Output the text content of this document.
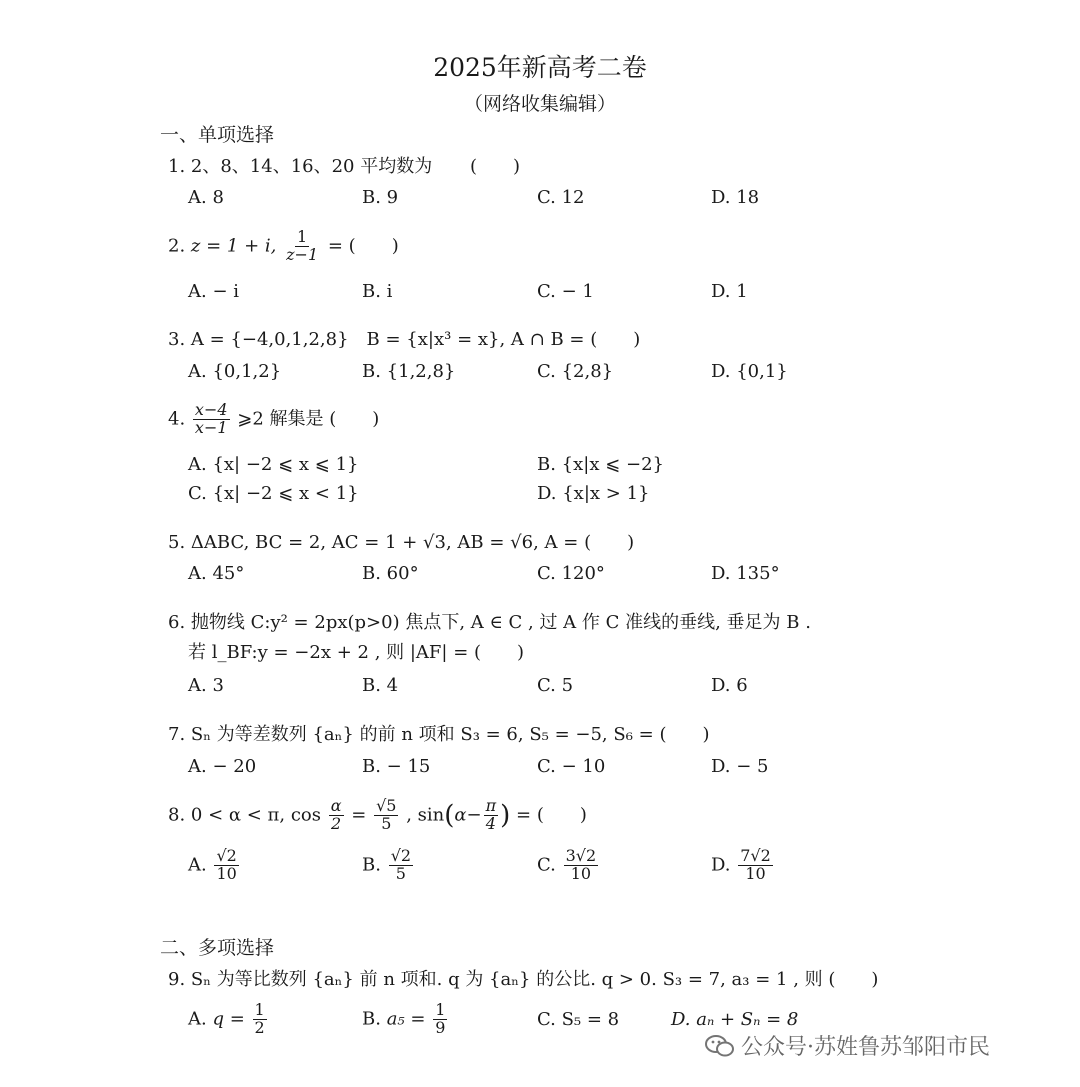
2025年新高考二卷
（网络收集编辑）
一、单项选择
1. 2、8、14、16、20 平均数为 (　　)
A. 8	B. 9	C. 12	D. 18
2. z = 1 + i, $\frac{1}{z-1}$ = (　　)
A. − i	B. i	C. − 1	D. 1
3. A = {−4,0,1,2,8}　B = {x|x³ = x}, A ∩ B = (　　)
A. {0,1,2}	B. {1,2,8}	C. {2,8}	D. {0,1}
4. $\frac{x-4}{x-1}$ ⩾2 解集是 (　　)
A. {x| −2 ⩽ x ⩽ 1}	B. {x|x ⩽ −2}
C. {x| −2 ⩽ x < 1}	D. {x|x > 1}
5. ΔABC, BC = 2, AC = 1 + √3, AB = √6, A = (　　)
A. 45°	B. 60°	C. 120°	D. 135°
6. 抛物线 C:y² = 2px(p>0) 焦点下, A ∈ C , 过 A 作 C 准线的垂线, 垂足为 B .
若 l_BF:y = −2x + 2 , 则 |AF| = (　　)
A. 3	B. 4	C. 5	D. 6
7. Sₙ 为等差数列 {aₙ} 的前 n 项和 S₃ = 6, S₅ = −5, S₆ = (　　)
A. − 20	B. − 15	C. − 10	D. − 5
8. 0 < α < π, $\cos \frac{\alpha}{2} = \frac{√5}{5}$ , $\sin(\alpha- \frac{\pi}{4}$ ) = (　　)
A. $\frac{√2}{10}$	B. $\frac{√2}{5}$	C. $\frac{3√2}{10}$	D. $\frac{7√2}{10}$
二、多项选择
9. Sₙ 为等比数列 {aₙ} 前 n 项和. q 为 {aₙ} 的公比. q > 0. S₃ = 7, a₃ = 1 , 则 (　　)
A. $q = \frac{1}{2}$	B. $a_5 = \frac{1}{9}$	C. S₅ = 8	D. aₙ + Sₙ = 8
公众号·苏姓鲁苏邹阳市民
